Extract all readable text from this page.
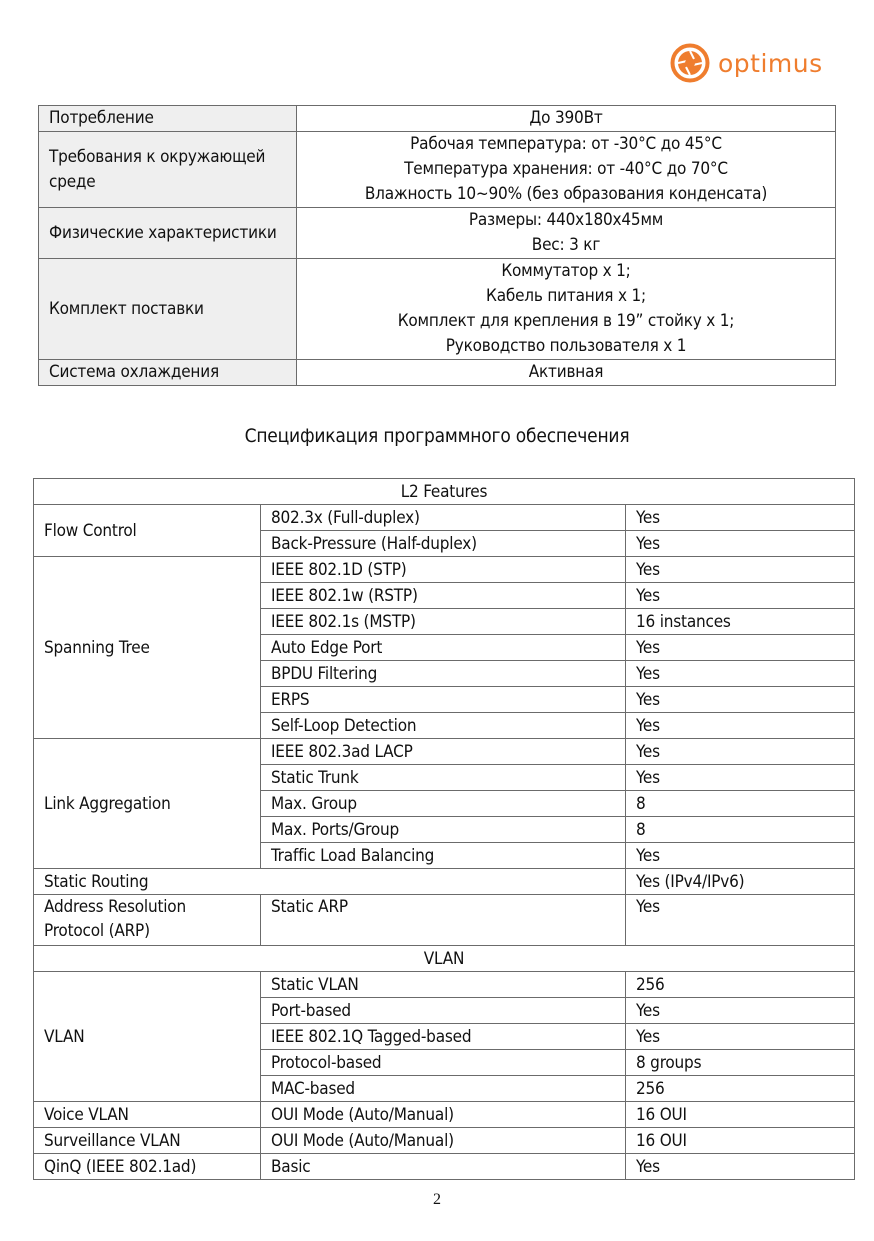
optimus
Потребление	До 390Вт

Требования к окружающей среде	Рабочая температура: от -30°C до 45°C
Температура хранения: от -40°C до 70°C
Влажность 10~90% (без образования конденсата)

Физические характеристики	Размеры: 440x180x45мм
Вес: 3 кг

Комплект поставки	Коммутатор x 1;
Кабель питания x 1;
Комплект для крепления в 19” стойку x 1;
Руководство пользователя x 1

Система охлаждения	Активная
Спецификация программного обеспечения
L2 Features		
Flow Control	802.3x (Full-duplex)	Yes
	Back-Pressure (Half-duplex)	Yes
Spanning Tree	IEEE 802.1D (STP)	Yes
	IEEE 802.1w (RSTP)	Yes
	IEEE 802.1s (MSTP)	16 instances
	Auto Edge Port	Yes
	BPDU Filtering	Yes
	ERPS	Yes
	Self-Loop Detection	Yes
Link Aggregation	IEEE 802.3ad LACP	Yes
	Static Trunk	Yes
	Max. Group	8
	Max. Ports/Group	8
	Traffic Load Balancing	Yes
Static Routing		Yes (IPv4/IPv6)
Address Resolution Protocol (ARP)	Static ARP	Yes
VLAN		
VLAN	Static VLAN	256
	Port-based	Yes
	IEEE 802.1Q Tagged-based	Yes
	Protocol-based	8 groups
	MAC-based	256
Voice VLAN	OUI Mode (Auto/Manual)	16 OUI
Surveillance VLAN	OUI Mode (Auto/Manual)	16 OUI
QinQ (IEEE 802.1ad)	Basic	Yes
2
